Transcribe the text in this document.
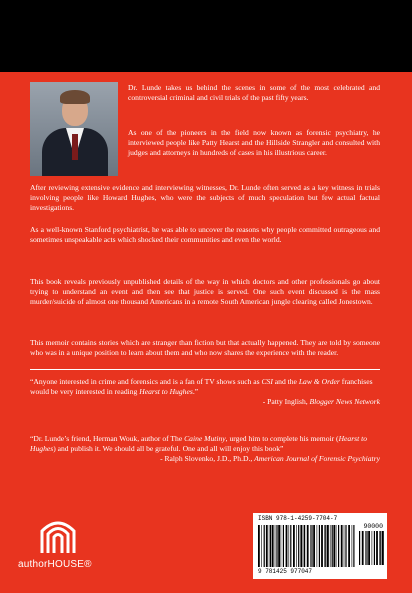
Dr. Lunde takes us behind the scenes in some of the most celebrated and controversial criminal and civil trials of the past fifty years.

As one of the pioneers in the field now known as forensic psychiatry, he interviewed people like Patty Hearst and the Hillside Strangler and consulted with judges and attorneys in hundreds of cases in his illustrious career.

After reviewing extensive evidence and interviewing witnesses, Dr. Lunde often served as a key witness in trials involving people like Howard Hughes, who were the subjects of much speculation but few actual factual investigations.

As a well-known Stanford psychiatrist, he was able to uncover the reasons why people committed outrageous and sometimes unspeakable acts which shocked their communities and even the world.

This book reveals previously unpublished details of the way in which doctors and other professionals go about trying to understand an event and then see that justice is served. One such event discussed is the mass murder/suicide of almost one thousand Americans in a remote South American jungle clearing called Jonestown.

This memoir contains stories which are stranger than fiction but that actually happened. They are told by someone who was in a unique position to learn about them and who now shares the experience with the reader.

“Anyone interested in crime and forensics and is a fan of TV shows such as CSI and the Law & Order franchises would be very interested in reading Hearst to Hughes.”
- Patty Inglish, Blogger News Network

“Dr. Lunde’s friend, Herman Wouk, author of The Caine Mutiny, urged him to complete his memoir (Hearst to Hughes) and publish it. We should all be grateful. One and all will enjoy this book”
- Ralph Slovenko, J.D., Ph.D., American Journal of Forensic Psychiatry

authorHOUSE®
ISBN 978-1-4259-7704-7
90000
9 781425 977047
